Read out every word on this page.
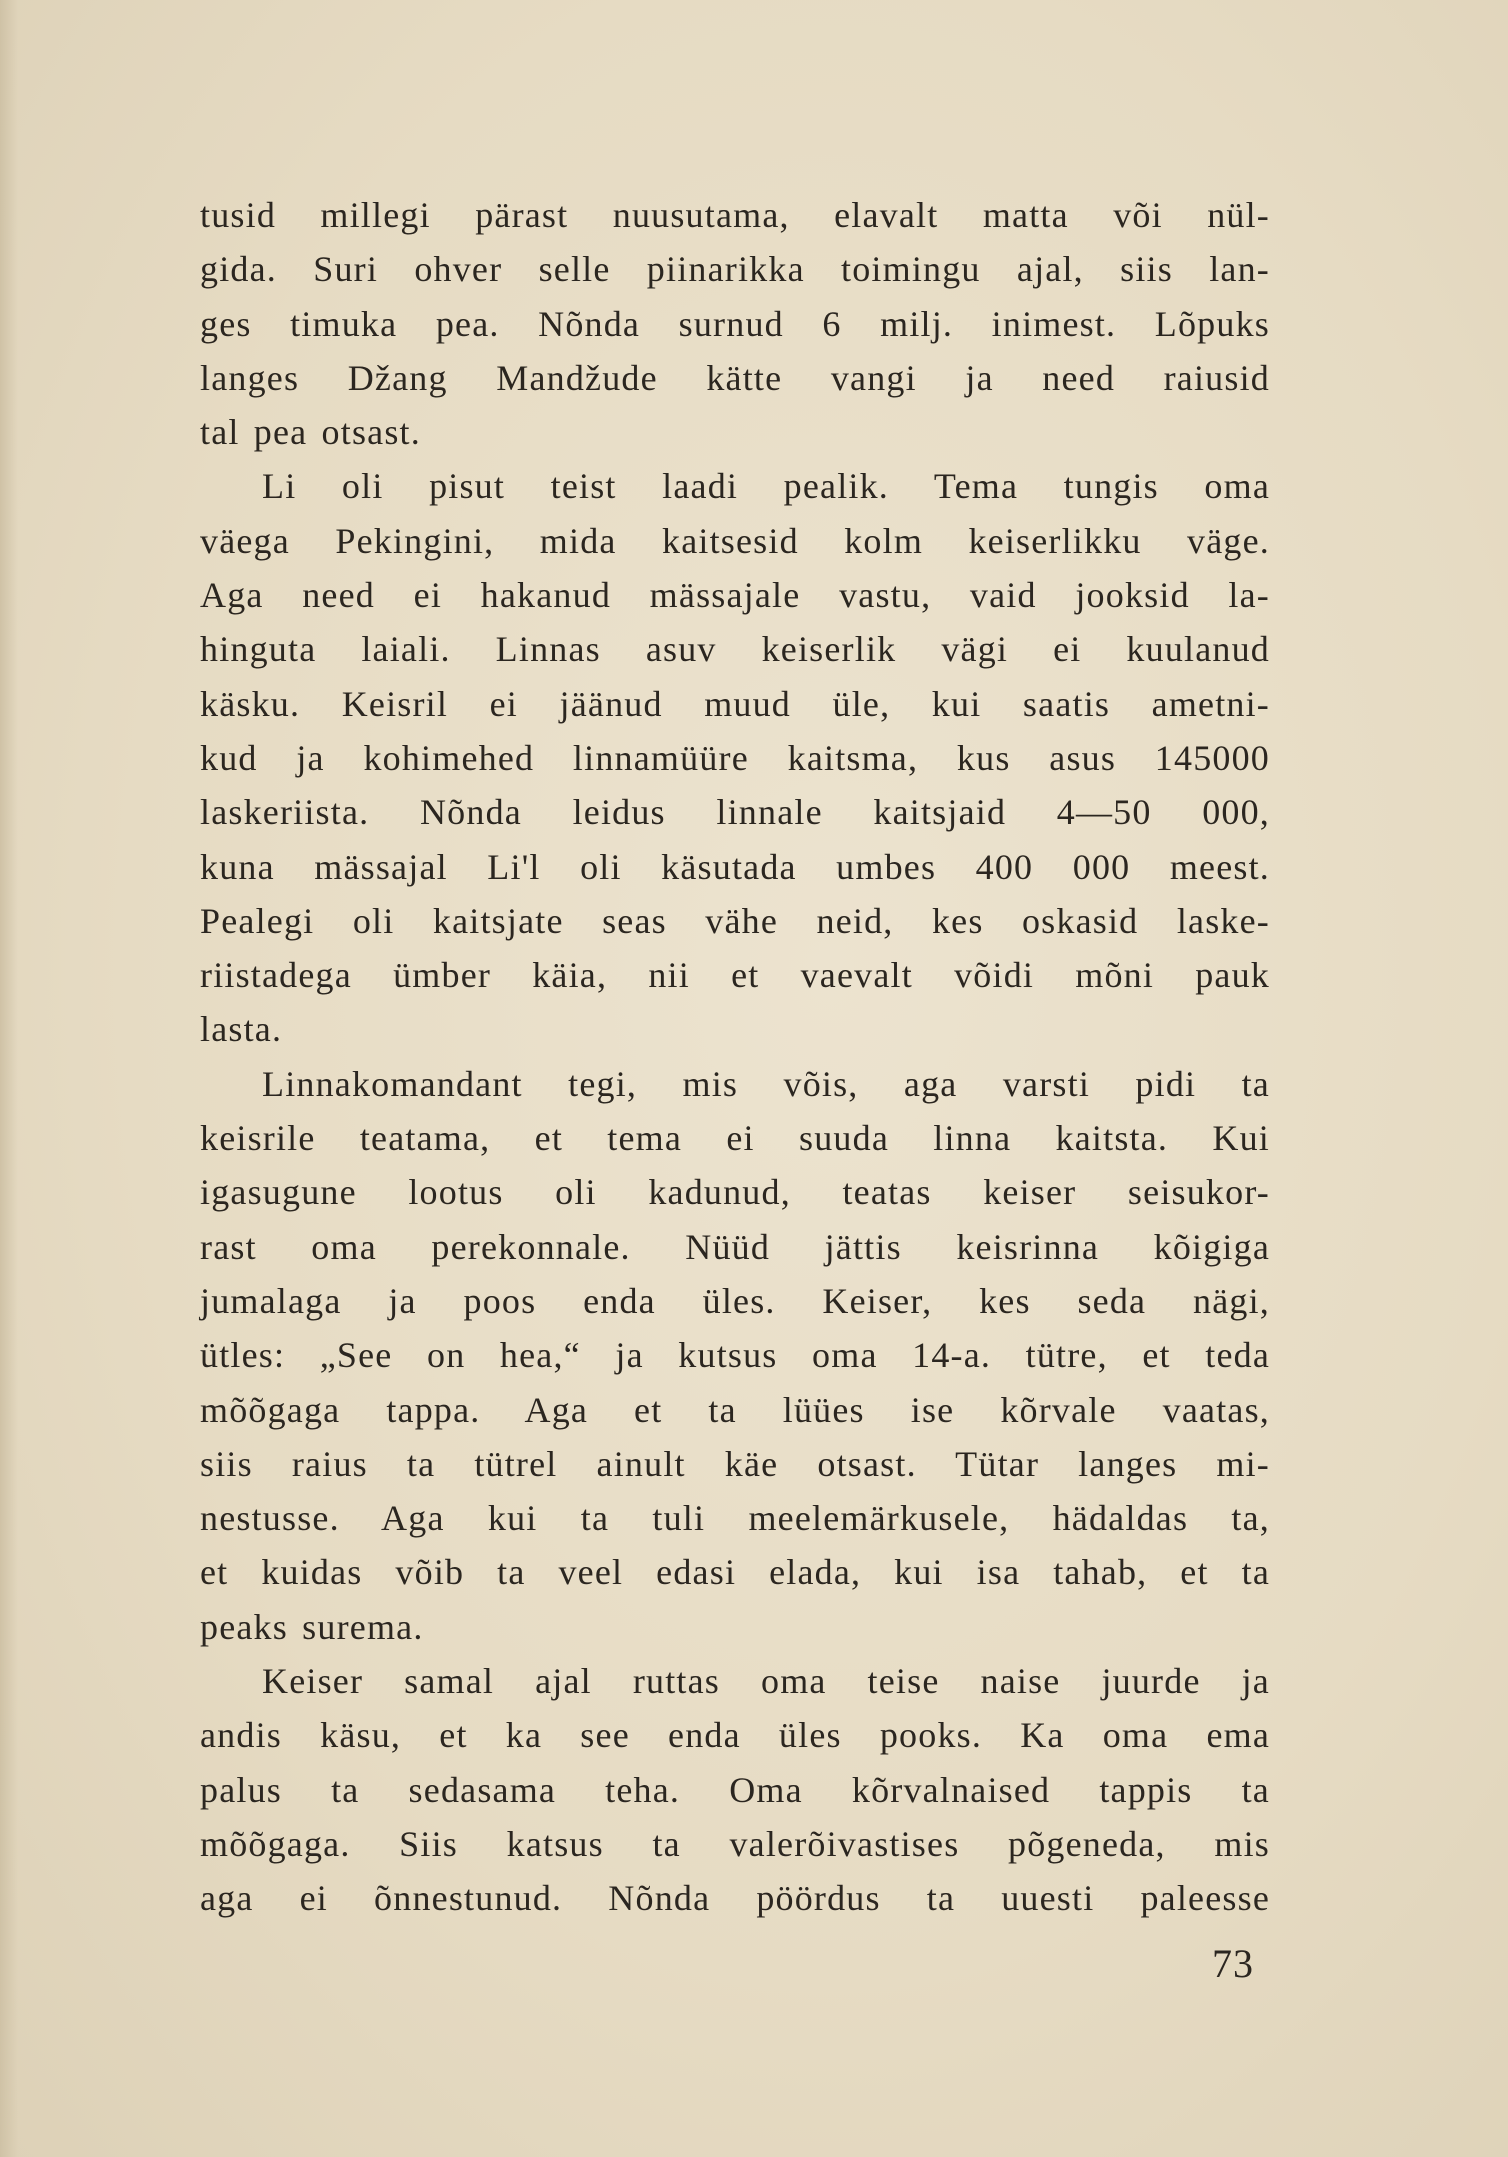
tusid millegi pärast nuusutama, elavalt matta või nül-
gida. Suri ohver selle piinarikka toimingu ajal, siis lan-
ges timuka pea. Nõnda surnud 6 milj. inimest. Lõpuks
langes Džang Mandžude kätte vangi ja need raiusid
tal pea otsast.
Li oli pisut teist laadi pealik. Tema tungis oma
väega Pekingini, mida kaitsesid kolm keiserlikku väge.
Aga need ei hakanud mässajale vastu, vaid jooksid la-
hinguta laiali. Linnas asuv keiserlik vägi ei kuulanud
käsku. Keisril ei jäänud muud üle, kui saatis ametni-
kud ja kohimehed linnamüüre kaitsma, kus asus 145000
laskeriista. Nõnda leidus linnale kaitsjaid 4—50 000,
kuna mässajal Li'l oli käsutada umbes 400 000 meest.
Pealegi oli kaitsjate seas vähe neid, kes oskasid laske-
riistadega ümber käia, nii et vaevalt võidi mõni pauk
lasta.
Linnakomandant tegi, mis võis, aga varsti pidi ta
keisrile teatama, et tema ei suuda linna kaitsta. Kui
igasugune lootus oli kadunud, teatas keiser seisukor-
rast oma perekonnale. Nüüd jättis keisrinna kõigiga
jumalaga ja poos enda üles. Keiser, kes seda nägi,
ütles: „See on hea,“ ja kutsus oma 14-a. tütre, et teda
mõõgaga tappa. Aga et ta lüües ise kõrvale vaatas,
siis raius ta tütrel ainult käe otsast. Tütar langes mi-
nestusse. Aga kui ta tuli meelemärkusele, hädaldas ta,
et kuidas võib ta veel edasi elada, kui isa tahab, et ta
peaks surema.
Keiser samal ajal ruttas oma teise naise juurde ja
andis käsu, et ka see enda üles pooks. Ka oma ema
palus ta sedasama teha. Oma kõrvalnaised tappis ta
mõõgaga. Siis katsus ta valerõivastises põgeneda, mis
aga ei õnnestunud. Nõnda pöördus ta uuesti paleesse
73
